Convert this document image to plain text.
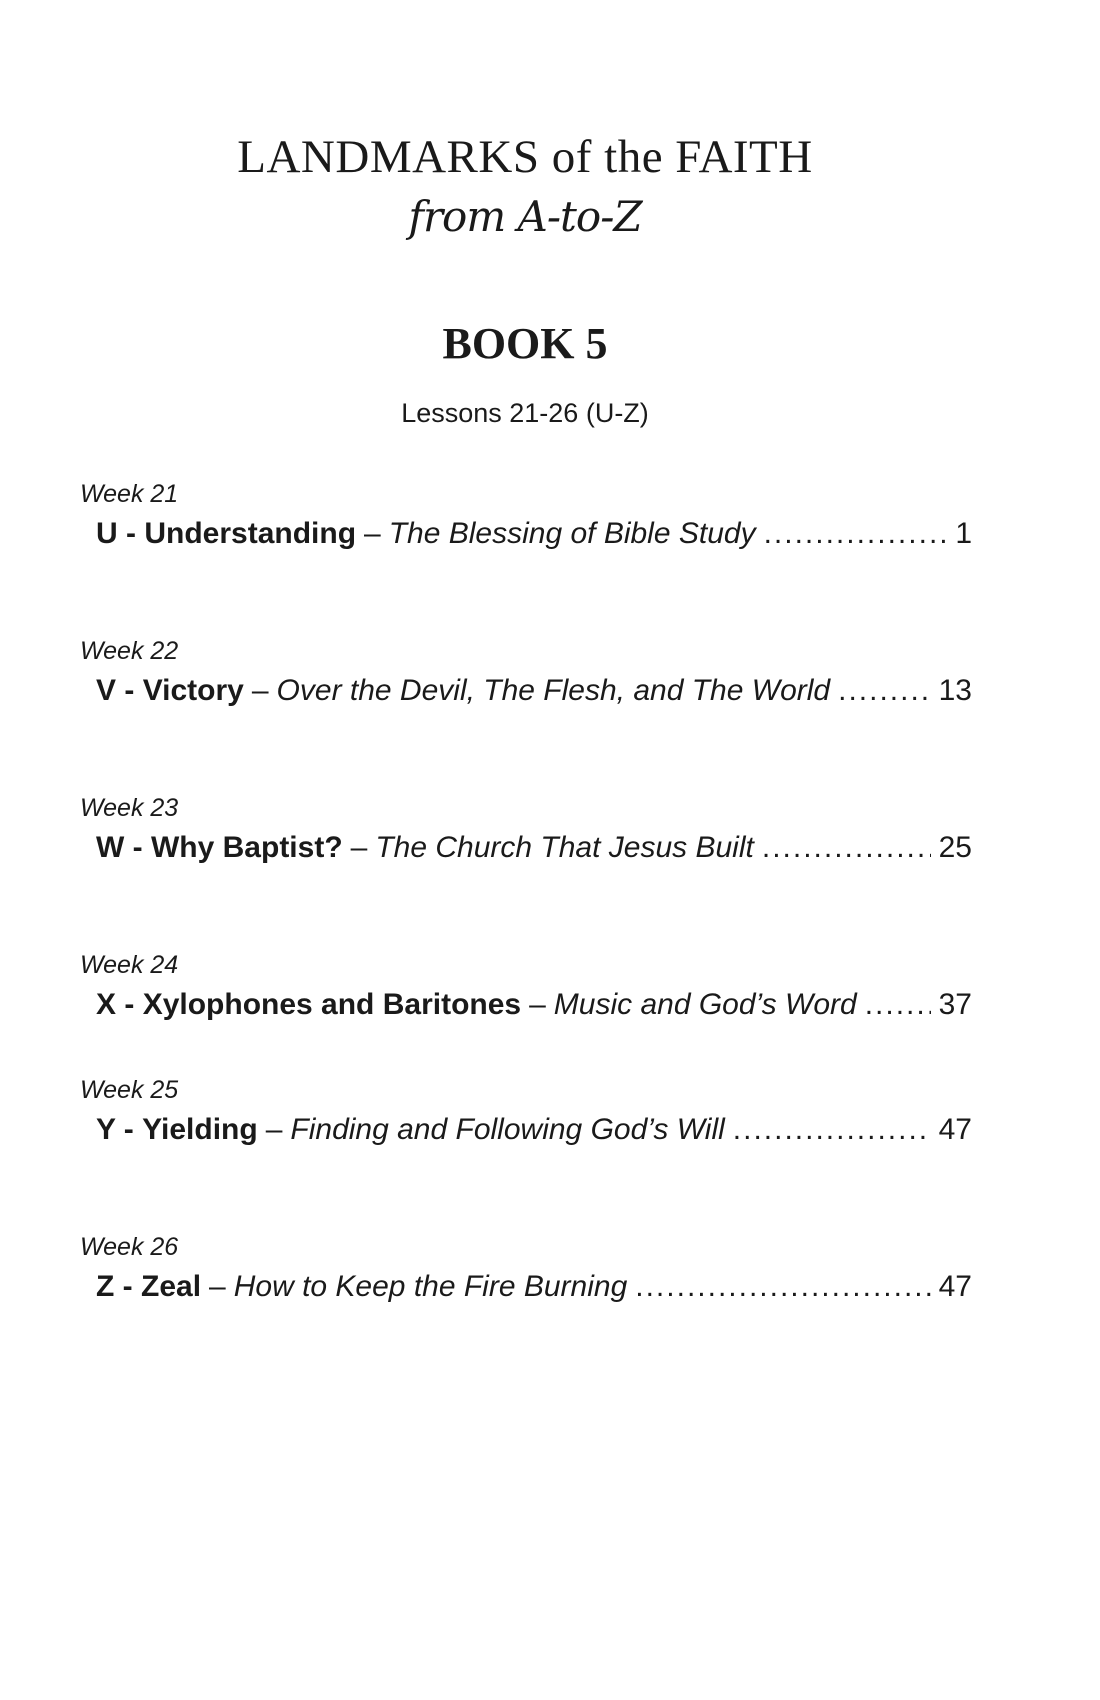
LANDMARKS of the FAITH
from A-to-Z
BOOK 5
Lessons 21-26 (U-Z)
Week 21
U -
Understanding – The Blessing of Bible Study .....	1
Week 22
V -
Victory – Over the Devil, The Flesh, and The World .....	13
Week 23
W -
Why Baptist? – The Church That Jesus Built .....	25
Week 24
X -
Xylophones and Baritones – Music and God’s Word .....	37
Week 25
Y -
Yielding – Finding and Following God’s Will .....	47
Week 26
Z -
Zeal – How to Keep the Fire Burning .....	47
